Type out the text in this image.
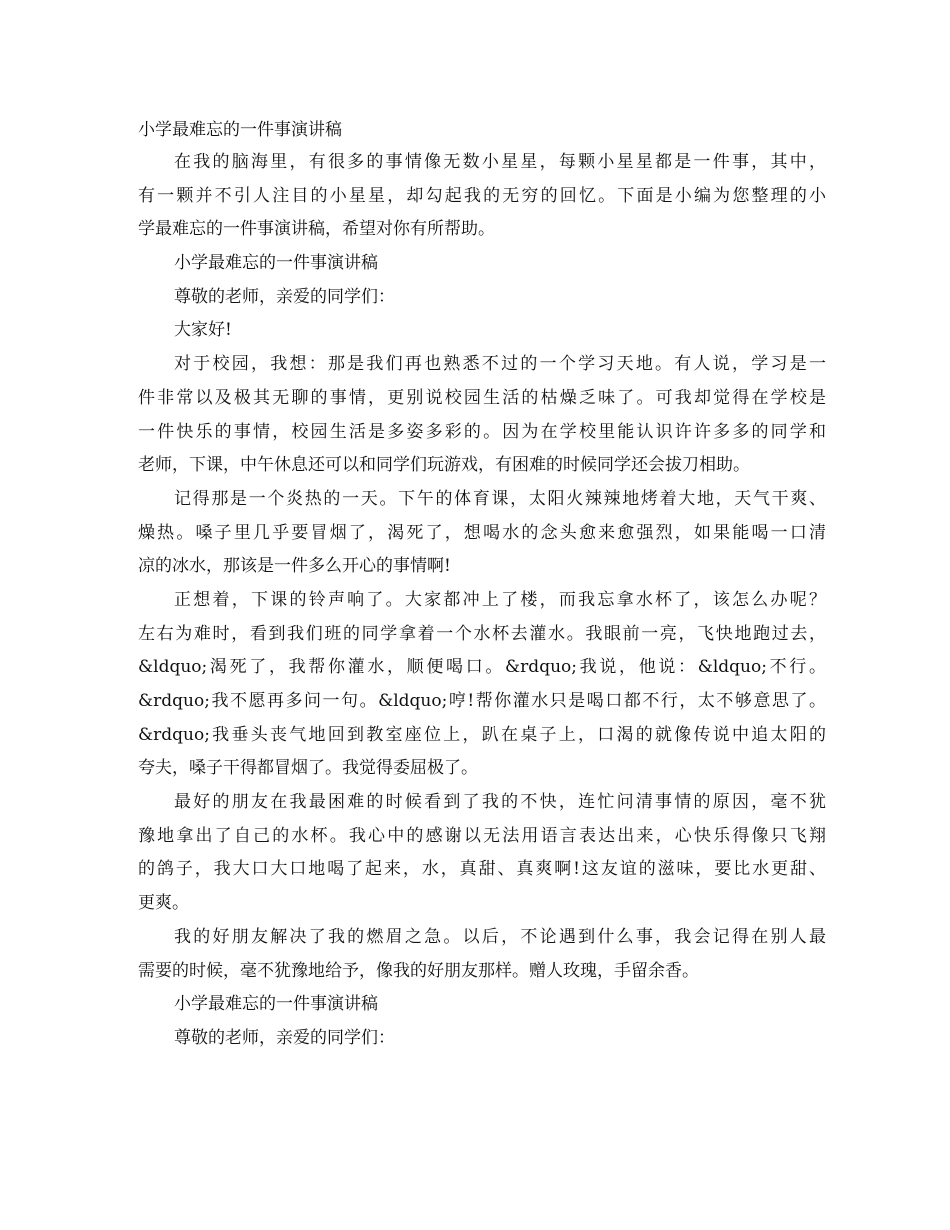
小学最难忘的一件事演讲稿
在我的脑海里，有很多的事情像无数小星星，每颗小星星都是一件事，其中，
有一颗并不引人注目的小星星，却勾起我的无穷的回忆。下面是小编为您整理的小
学最难忘的一件事演讲稿，希望对你有所帮助。
小学最难忘的一件事演讲稿
尊敬的老师，亲爱的同学们：
大家好!
对于校园，我想：那是我们再也熟悉不过的一个学习天地。有人说，学习是一
件非常以及极其无聊的事情，更别说校园生活的枯燥乏味了。可我却觉得在学校是
一件快乐的事情，校园生活是多姿多彩的。因为在学校里能认识许许多多的同学和
老师，下课，中午休息还可以和同学们玩游戏，有困难的时候同学还会拔刀相助。
记得那是一个炎热的一天。下午的体育课，太阳火辣辣地烤着大地，天气干爽、
燥热。嗓子里几乎要冒烟了，渴死了，想喝水的念头愈来愈强烈，如果能喝一口清
凉的冰水，那该是一件多么开心的事情啊!
正想着，下课的铃声响了。大家都冲上了楼，而我忘拿水杯了，该怎么办呢？
左右为难时，看到我们班的同学拿着一个水杯去灌水。我眼前一亮，飞快地跑过去，
&ldquo;渴死了，我帮你灌水，顺便喝口。&rdquo;我说，他说：&ldquo;不行。
&rdquo;我不愿再多问一句。&ldquo;哼!帮你灌水只是喝口都不行，太不够意思了。
&rdquo;我垂头丧气地回到教室座位上，趴在桌子上，口渴的就像传说中追太阳的
夸夫，嗓子干得都冒烟了。我觉得委屈极了。
最好的朋友在我最困难的时候看到了我的不快，连忙问清事情的原因，毫不犹
豫地拿出了自己的水杯。我心中的感谢以无法用语言表达出来，心快乐得像只飞翔
的鸽子，我大口大口地喝了起来，水，真甜、真爽啊!这友谊的滋味，要比水更甜、
更爽。
我的好朋友解决了我的燃眉之急。以后，不论遇到什么事，我会记得在别人最
需要的时候，毫不犹豫地给予，像我的好朋友那样。赠人玫瑰，手留余香。
小学最难忘的一件事演讲稿
尊敬的老师，亲爱的同学们：
